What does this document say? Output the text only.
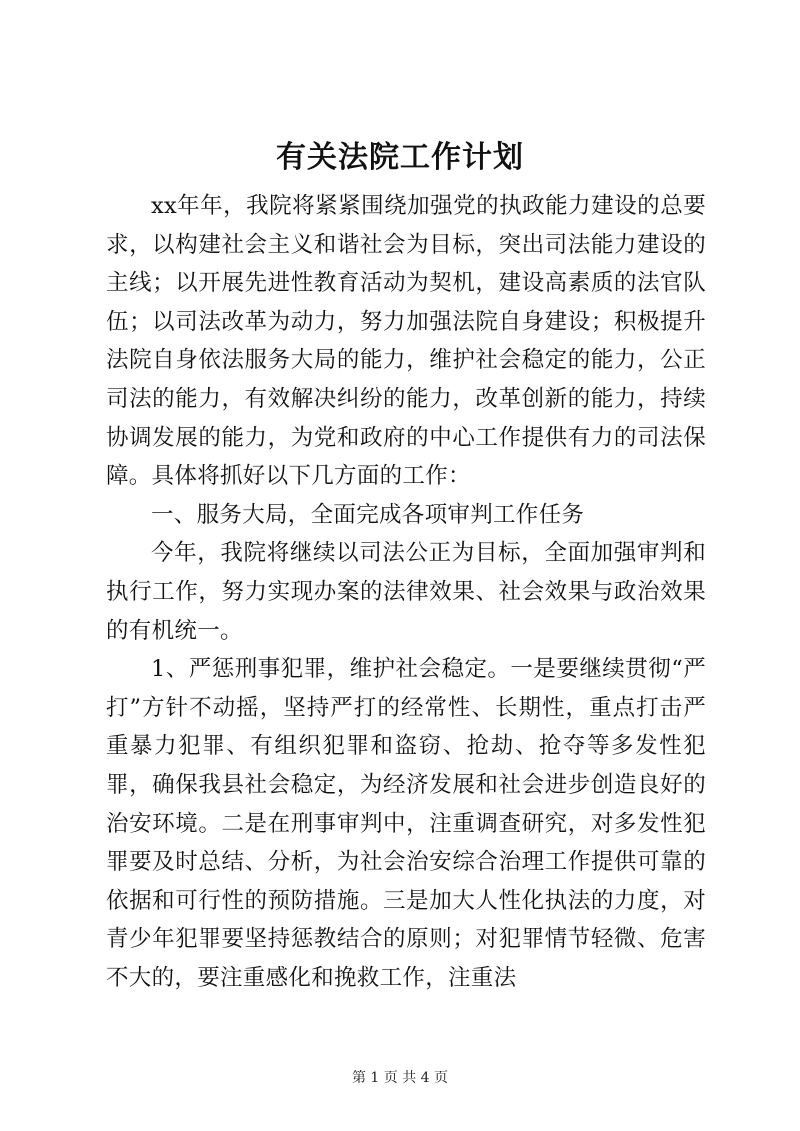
有关法院工作计划

xx年年，我院将紧紧围绕加强党的执政能力建设的总要求，以构建社会主义和谐社会为目标，突出司法能力建设的主线；以开展先进性教育活动为契机，建设高素质的法官队伍；以司法改革为动力，努力加强法院自身建设；积极提升法院自身依法服务大局的能力，维护社会稳定的能力，公正司法的能力，有效解决纠纷的能力，改革创新的能力，持续协调发展的能力，为党和政府的中心工作提供有力的司法保障。具体将抓好以下几方面的工作：

一、服务大局，全面完成各项审判工作任务

今年，我院将继续以司法公正为目标，全面加强审判和执行工作，努力实现办案的法律效果、社会效果与政治效果的有机统一。

1、严惩刑事犯罪，维护社会稳定。一是要继续贯彻“严打”方针不动摇，坚持严打的经常性、长期性，重点打击严重暴力犯罪、有组织犯罪和盗窃、抢劫、抢夺等多发性犯罪，确保我县社会稳定，为经济发展和社会进步创造良好的治安环境。二是在刑事审判中，注重调查研究，对多发性犯罪要及时总结、分析，为社会治安综合治理工作提供可靠的依据和可行性的预防措施。三是加大人性化执法的力度，对青少年犯罪要坚持惩教结合的原则；对犯罪情节轻微、危害不大的，要注重感化和挽救工作，注重法

第 1 页 共 4 页
